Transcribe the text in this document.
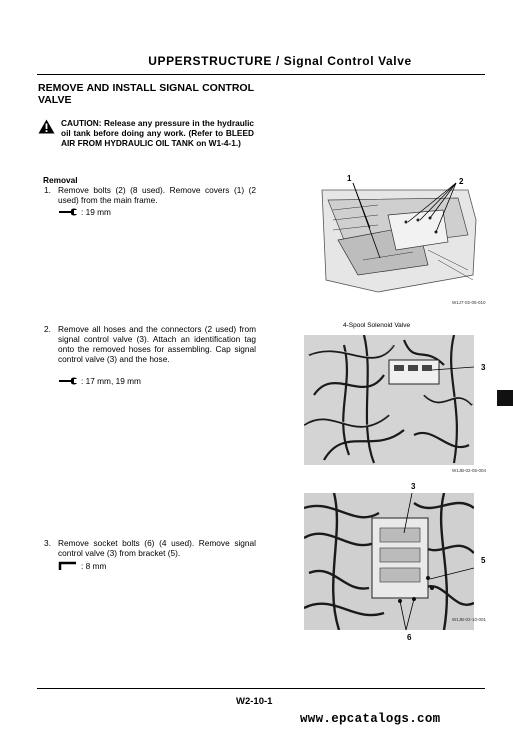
UPPERSTRUCTURE / Signal Control Valve
REMOVE AND INSTALL SIGNAL CONTROL VALVE
CAUTION: Release any pressure in the hydraulic oil tank before doing any work. (Refer to BLEED AIR FROM HYDRAULIC OIL TANK on W1-4-1.)
Removal
1. Remove bolts (2) (8 used). Remove covers (1) (2 used) from the main frame.
: 19 mm
2. Remove all hoses and the connectors (2 used) from signal control valve (3). Attach an identification tag onto the removed hoses for assembling. Cap signal control valve (3) and the hose.
: 17 mm, 19 mm
3. Remove socket bolts (6) (4 used). Remove signal control valve (3) from bracket (5).
: 8 mm
1	2
W1J7-02-05-010
4-Spool Solenoid Valve
3
W1JB-02-05-004
3
5
6
W1JB-02-10-001
W2-10-1
www.epcatalogs.com
